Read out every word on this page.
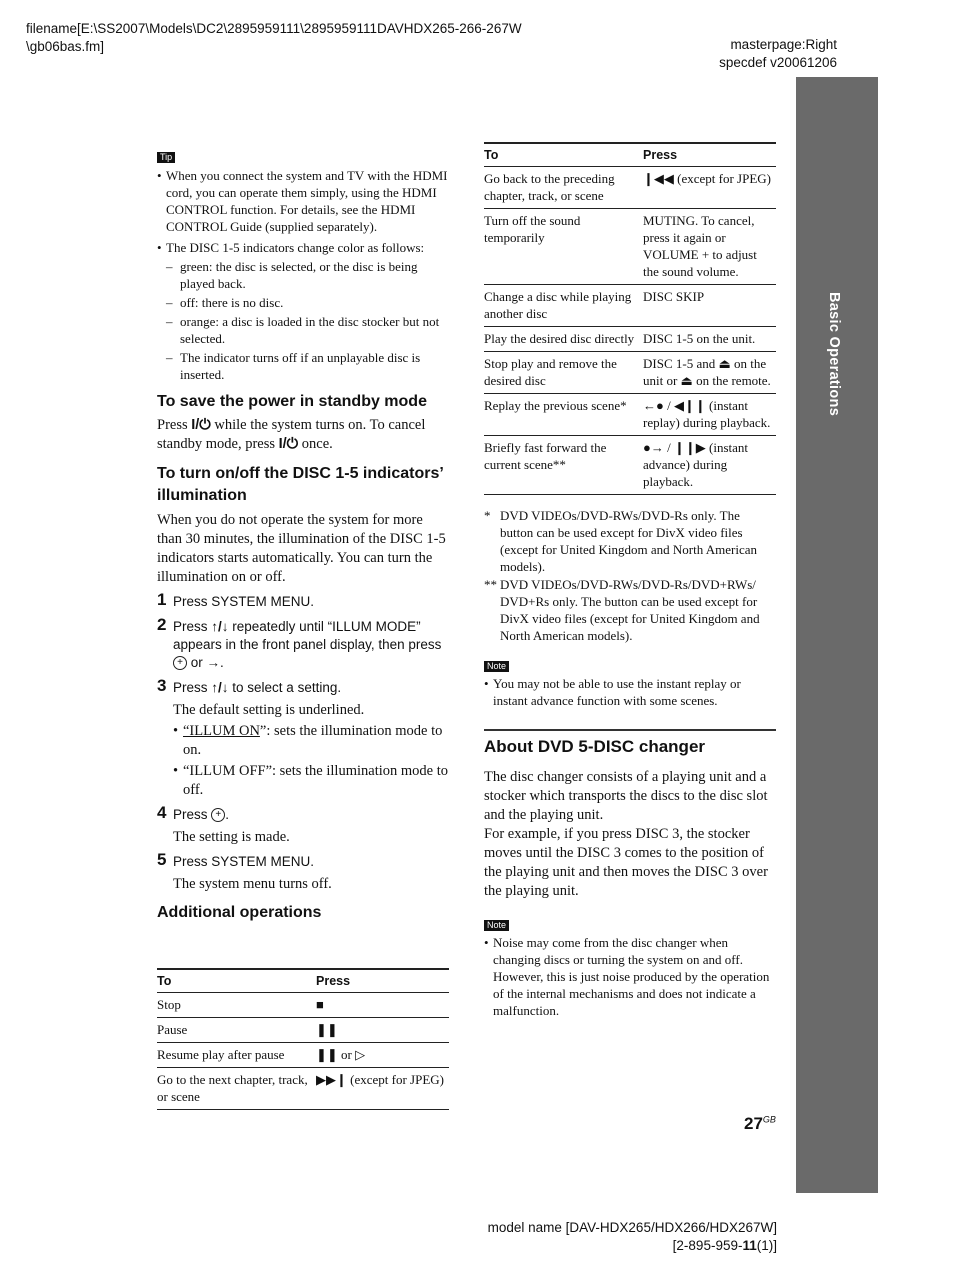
filename[E:\SS2007\Models\DC2\2895959111\2895959111DAVHDX265-266-267W\gb06bas.fm]	masterpage:Right
specdef v20061206
Basic Operations
Tip
• When you connect the system and TV with the HDMI cord, you can operate them simply, using the HDMI CONTROL function. For details, see the HDMI CONTROL Guide (supplied separately).
• The DISC 1-5 indicators change color as follows:
– green: the disc is selected, or the disc is being played back.
– off: there is no disc.
– orange: a disc is loaded in the disc stocker but not selected.
– The indicator turns off if an unplayable disc is inserted.
To save the power in standby mode
Press I/⏻ while the system turns on. To cancel standby mode, press I/⏻ once.
To turn on/off the DISC 1-5 indicators’ illumination
When you do not operate the system for more than 30 minutes, the illumination of the DISC 1-5 indicators starts automatically. You can turn the illumination on or off.
1 Press SYSTEM MENU.
2 Press ↑/↓ repeatedly until “ILLUM MODE” appears in the front panel display, then press + or →.
3 Press ↑/↓ to select a setting.
The default setting is underlined.
• “ILLUM ON”: sets the illumination mode to on.
• “ILLUM OFF”: sets the illumination mode to off.
4 Press + .
The setting is made.
5 Press SYSTEM MENU.
The system menu turns off.
Additional operations
To	Press
Stop	■
Pause	❚❚
Resume play after pause	❚❚ or ▷
Go to the next chapter, track, or scene	▶▶❙ (except for JPEG)
To	Press
Go back to the preceding chapter, track, or scene	❙◀◀ (except for JPEG)
Turn off the sound temporarily	MUTING. To cancel, press it again or VOLUME + to adjust the sound volume.
Change a disc while playing another disc	DISC SKIP
Play the desired disc directly	DISC 1-5 on the unit.
Stop play and remove the desired disc	DISC 1-5 and ⏏ on the unit or ⏏ on the remote.
Replay the previous scene*	←● / ◀❙❙ (instant replay) during playback.
Briefly fast forward the current scene**	●→ / ❙❙▶ (instant advance) during playback.
* DVD VIDEOs/DVD-RWs/DVD-Rs only. The button can be used except for DivX video files (except for United Kingdom and North American models).
** DVD VIDEOs/DVD-RWs/DVD-Rs/DVD+RWs/ DVD+Rs only. The button can be used except for DivX video files (except for United Kingdom and North American models).
Note
• You may not be able to use the instant replay or instant advance function with some scenes.
About DVD 5-DISC changer
The disc changer consists of a playing unit and a stocker which transports the discs to the disc slot and the playing unit.
For example, if you press DISC 3, the stocker moves until the DISC 3 comes to the position of the playing unit and then moves the DISC 3 over the playing unit.
Note
• Noise may come from the disc changer when changing discs or turning the system on and off. However, this is just noise produced by the operation of the internal mechanisms and does not indicate a malfunction.
$27^{GB}$
model name [DAV-HDX265/HDX266/HDX267W]
[2-895-959-11(1)]
